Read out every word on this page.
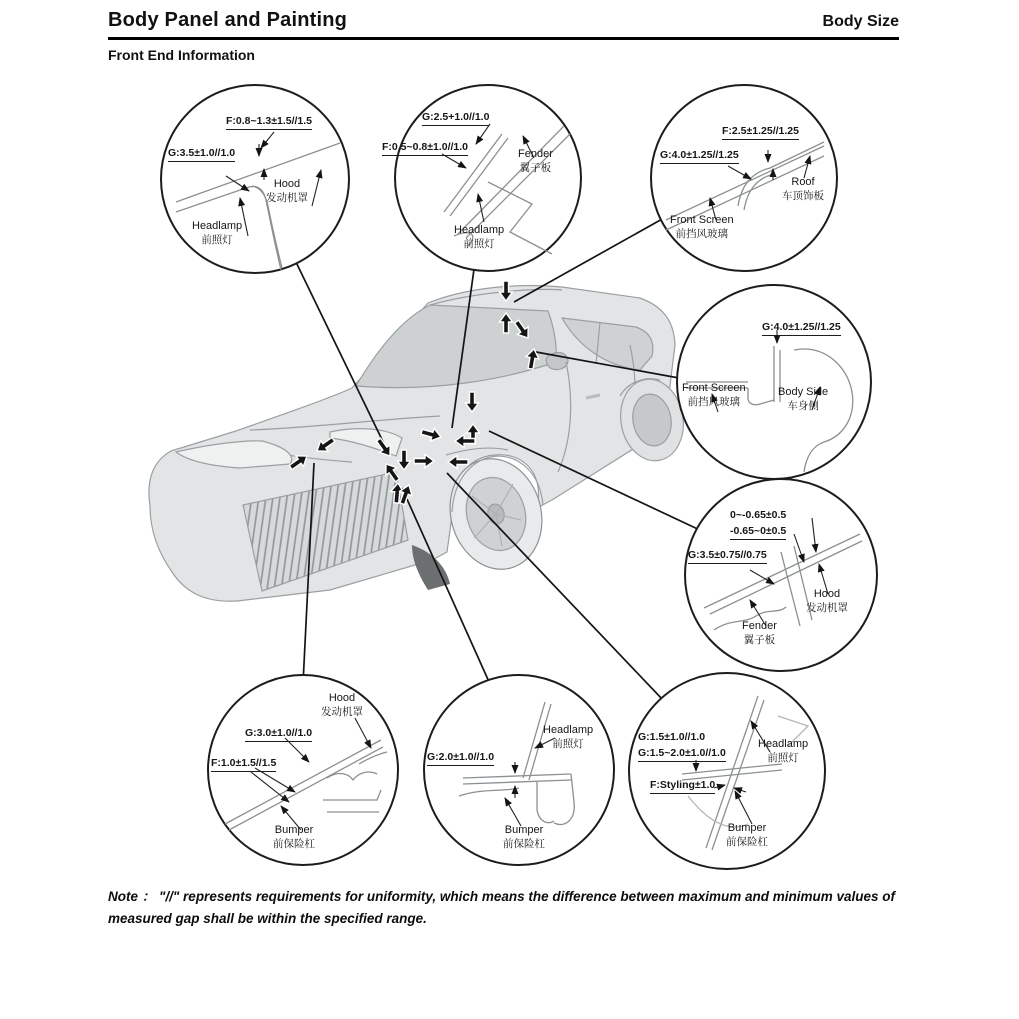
Body Panel and Painting	Body Size
Front End Information
F:0.8~1.3±1.5//1.5
G:3.5±1.0//1.0
Hood
发动机罩
Headlamp
前照灯
G:2.5+1.0//1.0
F:0.5~0.8±1.0//1.0
Fender
翼子板
Headlamp
前照灯
F:2.5±1.25//1.25
G:4.0±1.25//1.25
Roof
车顶饰板
Front Screen
前挡风玻璃
G:4.0±1.25//1.25
Front Screen
前挡风玻璃
Body Side
车身侧
0~-0.65±0.5
-0.65~0±0.5
G:3.5±0.75//0.75
Hood
发动机罩
Fender
翼子板
Hood
发动机罩
G:3.0±1.0//1.0
F:1.0±1.5//1.5
Bumper
前保险杠
Headlamp
前照灯
G:2.0±1.0//1.0
Bumper
前保险杠
G:1.5±1.0//1.0
G:1.5~2.0±1.0//1.0
F:Styling±1.0
Headlamp
前照灯
Bumper
前保险杠
Note ： "//" represents requirements for uniformity, which means the difference between maximum and minimum values of measured gap shall be within the specified range.
